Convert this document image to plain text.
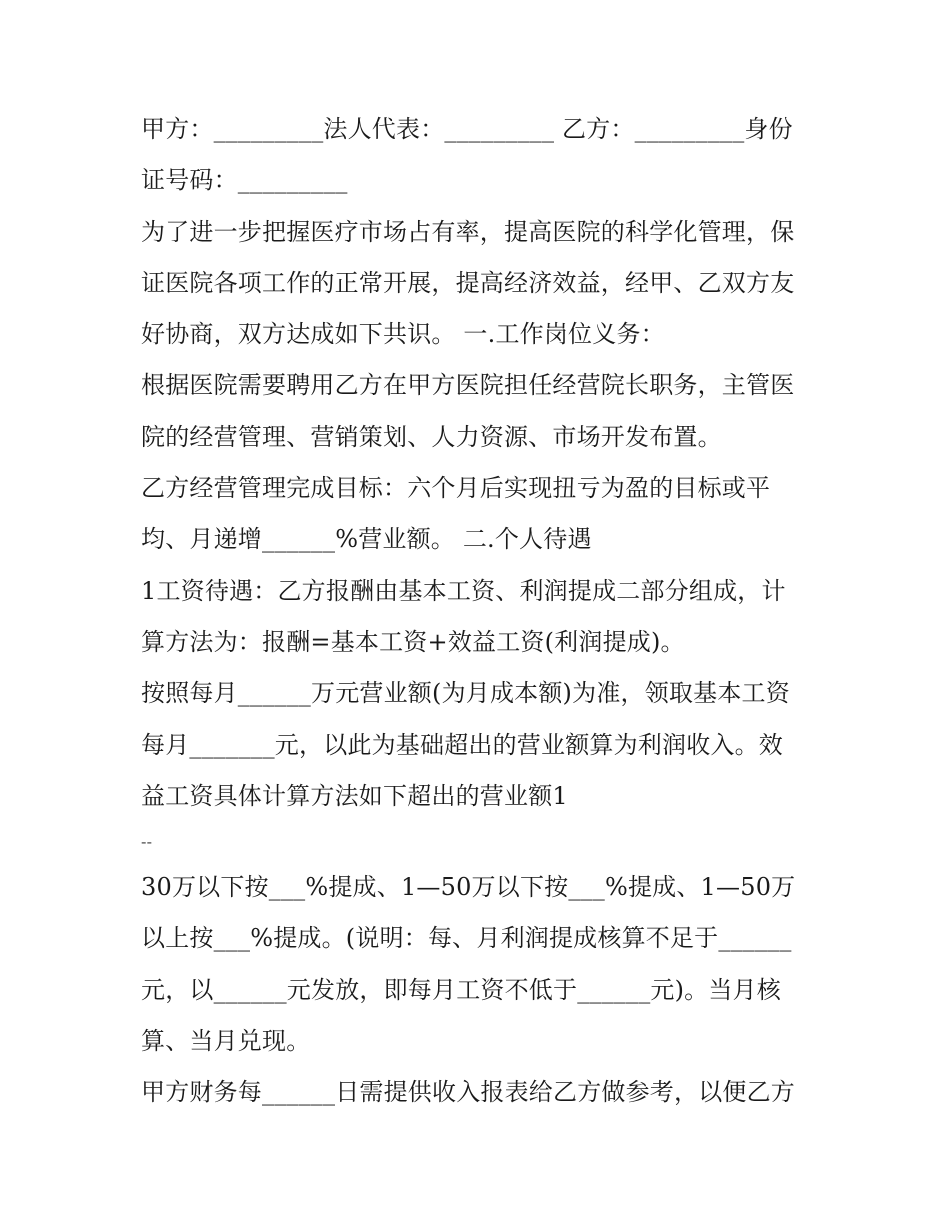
甲方：_________法人代表：_________ 乙方：_________身份
证号码：_________
为了进一步把握医疗市场占有率，提高医院的科学化管理，保
证医院各项工作的正常开展，提高经济效益，经甲、乙双方友
好协商，双方达成如下共识。 一.工作岗位义务：
根据医院需要聘用乙方在甲方医院担任经营院长职务，主管医
院的经营管理、营销策划、人力资源、市场开发布置。
乙方经营管理完成目标：六个月后实现扭亏为盈的目标或平
均、月递增______%营业额。 二.个人待遇
1工资待遇：乙方报酬由基本工资、利润提成二部分组成，计
算方法为：报酬=基本工资+效益工资(利润提成)。
按照每月______万元营业额(为月成本额)为准，领取基本工资
每月_______元，以此为基础超出的营业额算为利润收入。效
益工资具体计算方法如下超出的营业额1
--
30万以下按___%提成、1—50万以下按___%提成、1—50万
以上按___%提成。(说明：每、月利润提成核算不足于______
元，以______元发放，即每月工资不低于______元)。当月核
算、当月兑现。
甲方财务每______日需提供收入报表给乙方做参考，以便乙方
